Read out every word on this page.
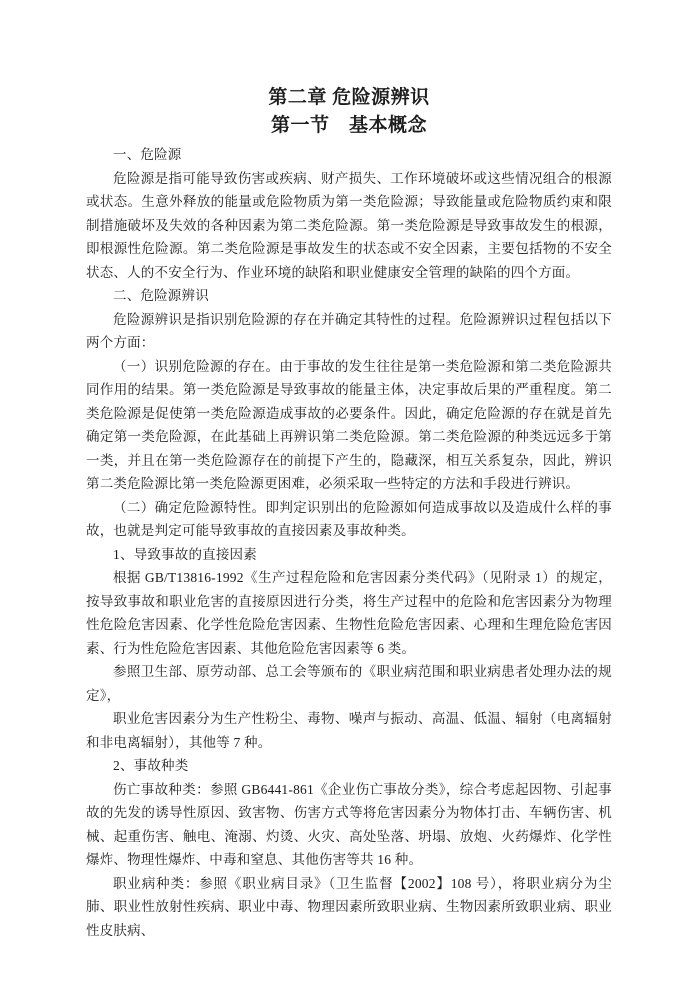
第二章 危险源辨识
第一节　基本概念

一、危险源

危险源是指可能导致伤害或疾病、财产损失、工作环境破坏或这些情况组合的根源或状态。生意外释放的能量或危险物质为第一类危险源；导致能量或危险物质约束和限制措施破坏及失效的各种因素为第二类危险源。第一类危险源是导致事故发生的根源，即根源性危险源。第二类危险源是事故发生的状态或不安全因素，主要包括物的不安全状态、人的不安全行为、作业环境的缺陷和职业健康安全管理的缺陷的四个方面。

二、危险源辨识

危险源辨识是指识别危险源的存在并确定其特性的过程。危险源辨识过程包括以下两个方面：

（一）识别危险源的存在。由于事故的发生往往是第一类危险源和第二类危险源共同作用的结果。第一类危险源是导致事故的能量主体，决定事故后果的严重程度。第二类危险源是促使第一类危险源造成事故的必要条件。因此，确定危险源的存在就是首先确定第一类危险源，在此基础上再辨识第二类危险源。第二类危险源的种类远远多于第一类，并且在第一类危险源存在的前提下产生的，隐藏深，相互关系复杂，因此，辨识第二类危险源比第一类危险源更困难，必须采取一些特定的方法和手段进行辨识。

（二）确定危险源特性。即判定识别出的危险源如何造成事故以及造成什么样的事故，也就是判定可能导致事故的直接因素及事故种类。

1、导致事故的直接因素

根据 GB/T13816-1992《生产过程危险和危害因素分类代码》（见附录 1）的规定，按导致事故和职业危害的直接原因进行分类，将生产过程中的危险和危害因素分为物理性危险危害因素、化学性危险危害因素、生物性危险危害因素、心理和生理危险危害因素、行为性危险危害因素、其他危险危害因素等 6 类。

参照卫生部、原劳动部、总工会等颁布的《职业病范围和职业病患者处理办法的规定》，

职业危害因素分为生产性粉尘、毒物、噪声与振动、高温、低温、辐射（电离辐射和非电离辐射），其他等 7 种。

2、事故种类

伤亡事故种类：参照 GB6441-861《企业伤亡事故分类》，综合考虑起因物、引起事故的先发的诱导性原因、致害物、伤害方式等将危害因素分为物体打击、车辆伤害、机械、起重伤害、触电、淹溺、灼烫、火灾、高处坠落、坍塌、放炮、火药爆炸、化学性爆炸、物理性爆炸、中毒和窒息、其他伤害等共 16 种。

职业病种类：参照《职业病目录》（卫生监督【2002】108 号），将职业病分为尘肺、职业性放射性疾病、职业中毒、物理因素所致职业病、生物因素所致职业病、职业性皮肤病、
